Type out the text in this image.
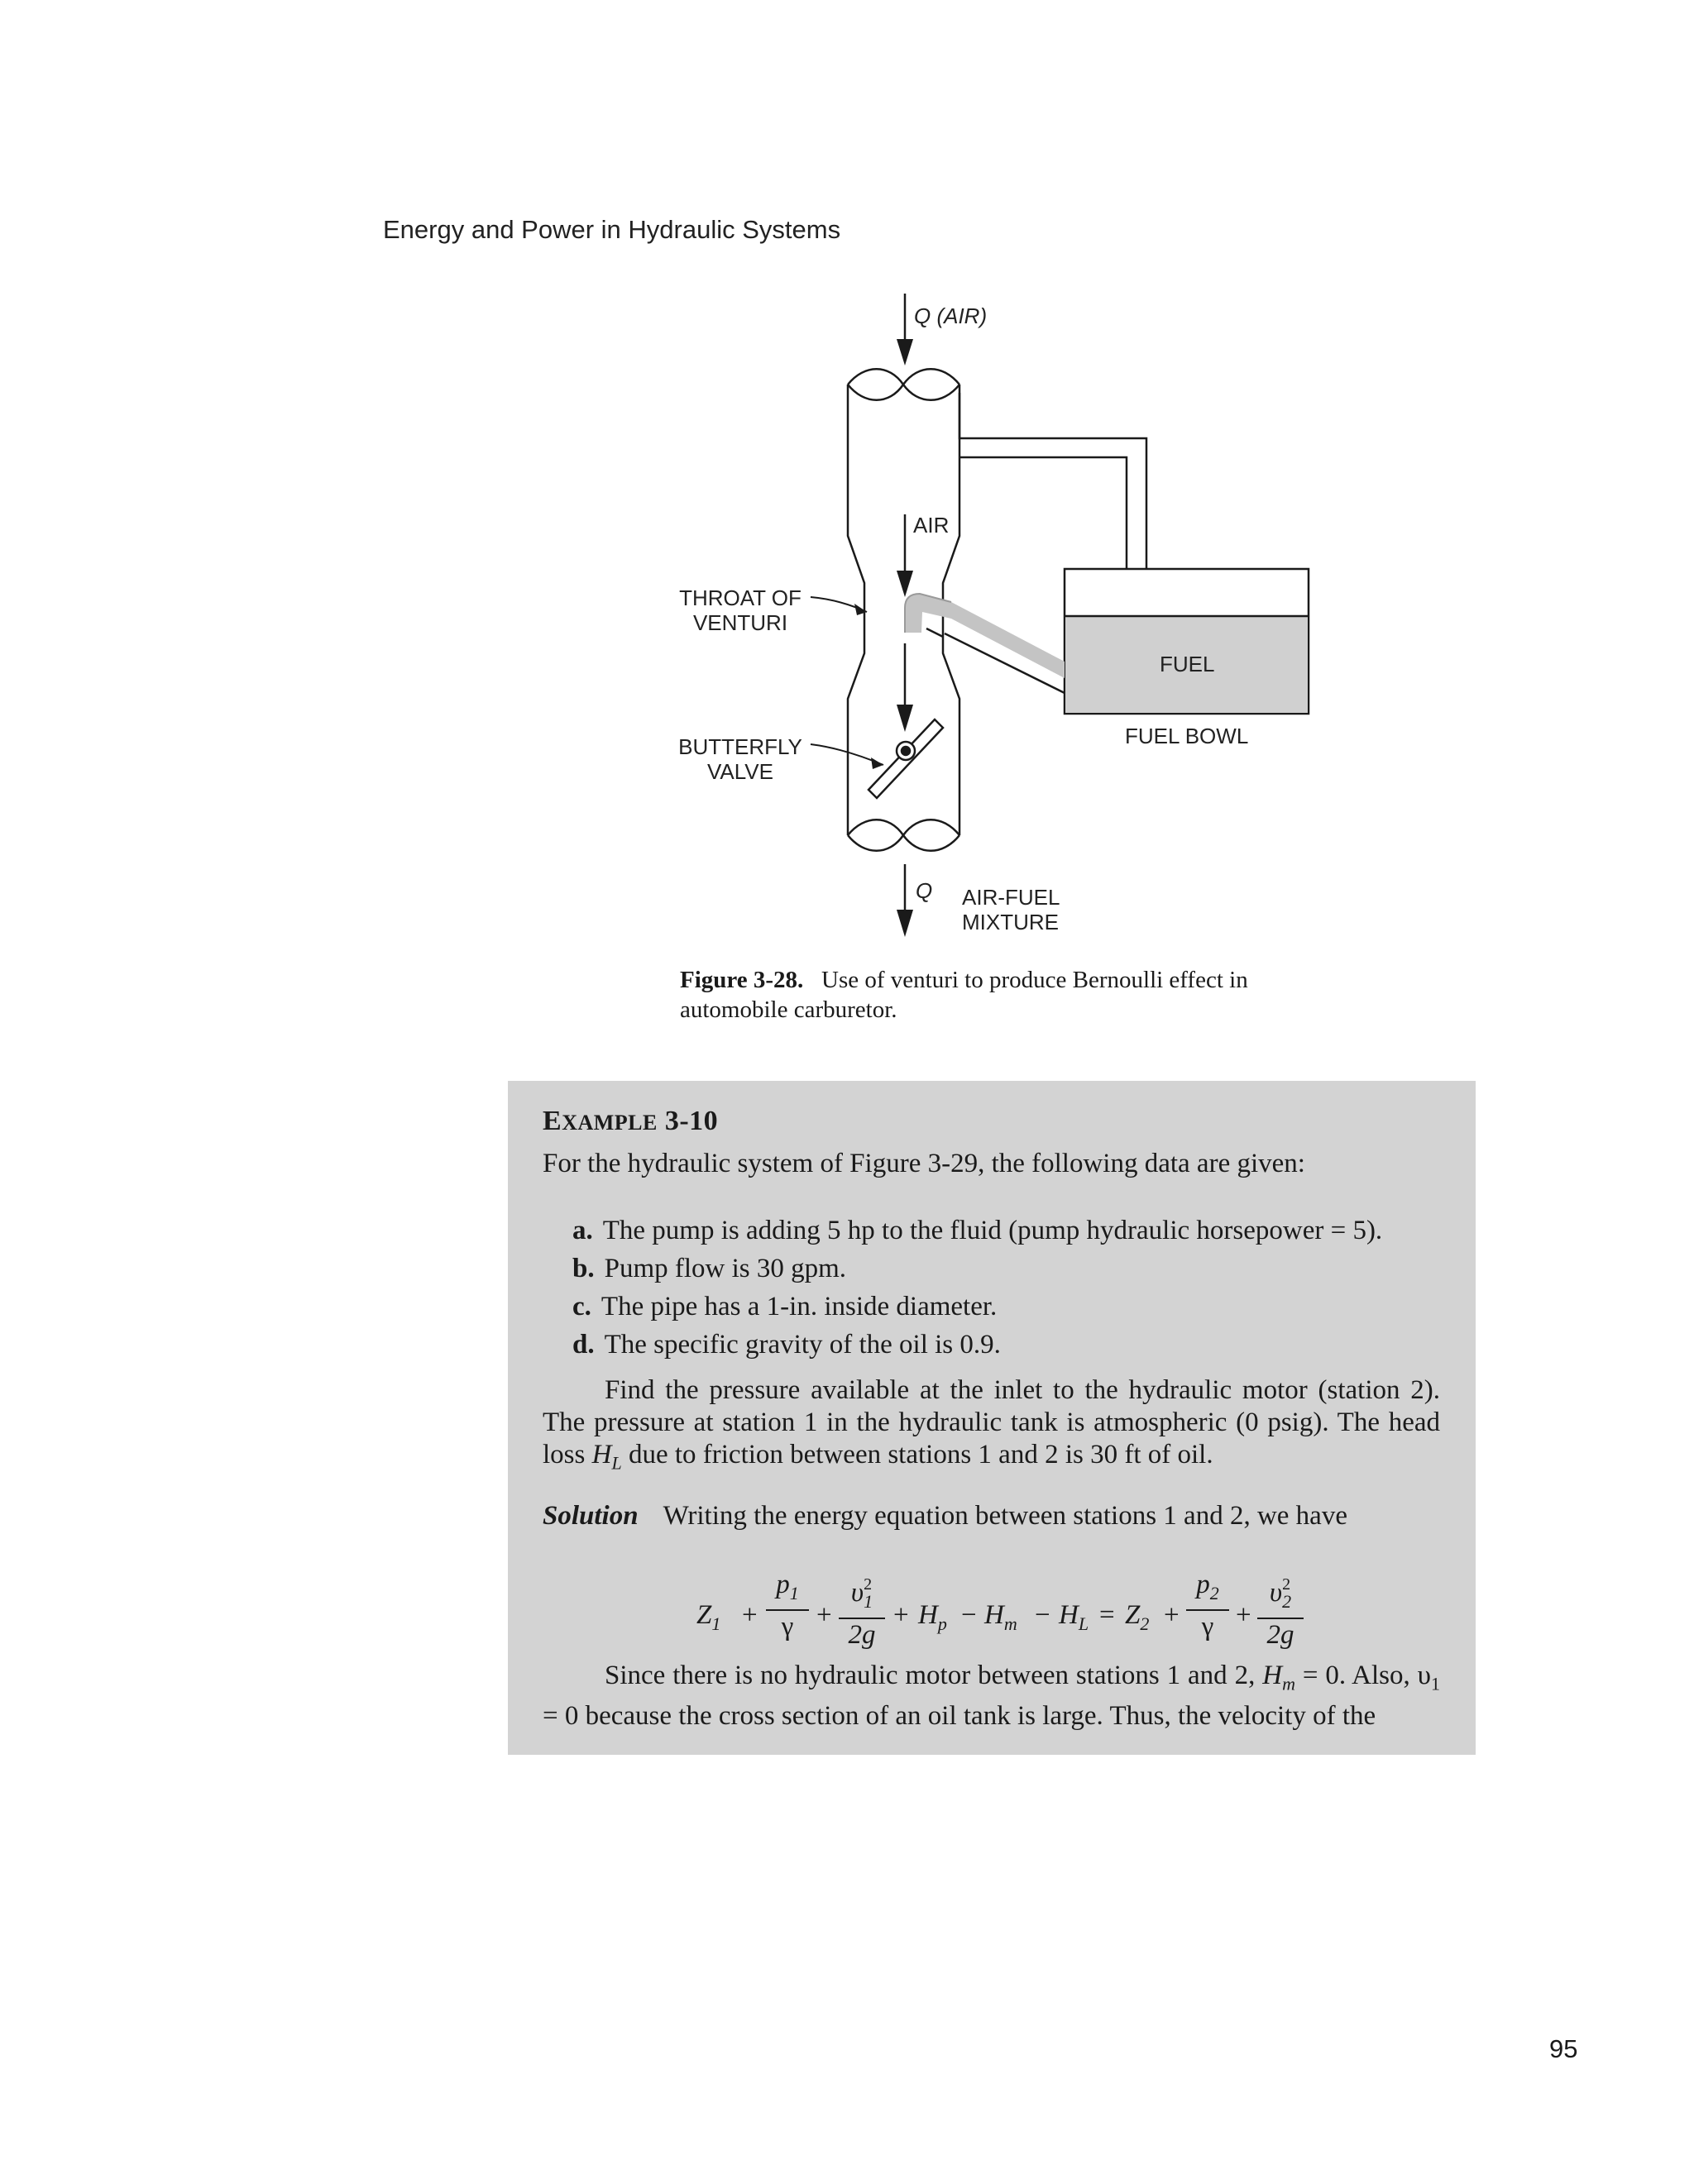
Energy and Power in Hydraulic Systems
Q (AIR)
AIR
THROAT OF
VENTURI
BUTTERFLY
VALVE
FUEL
FUEL BOWL
Q AIR-FUEL
MIXTURE
Figure 3-28. Use of venturi to produce Bernoulli effect in automobile carburetor.
EXAMPLE 3-10
For the hydraulic system of Figure 3-29, the following data are given:
a. The pump is adding 5 hp to the fluid (pump hydraulic horsepower = 5).
b. Pump flow is 30 gpm.
c. The pipe has a 1-in. inside diameter.
d. The specific gravity of the oil is 0.9.
Find the pressure available at the inlet to the hydraulic motor (station 2). The pressure at station 1 in the hydraulic tank is atmospheric (0 psig). The head loss $H_L$ due to friction between stations 1 and 2 is 30 ft of oil.
Solution Writing the energy equation between stations 1 and 2, we have
$Z_1 + \frac{p_1}{\gamma} + \frac{\upsilon^2_1}{2g} + H_p - H_m - H_L = Z_2 + \frac{p_2}{\gamma} + \frac{\upsilon^2_2}{2g}$
Since there is no hydraulic motor between stations 1 and 2, $H_m = 0$. Also, $\upsilon_1 = 0$ because the cross section of an oil tank is large. Thus, the velocity of the
95
